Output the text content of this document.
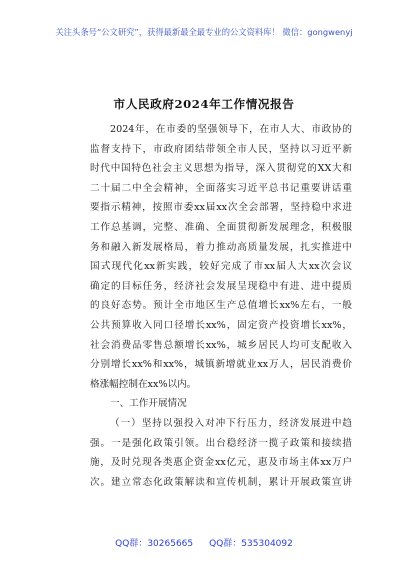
关注头条号“公文研究”，获得最新最全最专业的公文资料库！ 微信：gongwenyj
市人民政府2024年工作情况报告
2024年，在市委的坚强领导下，在市人大、市政协的
监督支持下，市政府团结带领全市人民，坚持以习近平新
时代中国特色社会主义思想为指导，深入贯彻党的XX大和
二十届二中全会精神，全面落实习近平总书记重要讲话重
要指示精神，按照市委xx届xx次全会部署，坚持稳中求进
工作总基调，完整、准确、全面贯彻新发展理念，积极服
务和融入新发展格局，着力推动高质量发展，扎实推进中
国式现代化xx新实践，较好完成了市xx届人大xx次会议
确定的目标任务，经济社会发展呈现稳中有进、进中提质
的良好态势。预计全市地区生产总值增长xx%左右，一般
公共预算收入同口径增长xx%，固定资产投资增长xx%，
社会消费品零售总额增长xx%，城乡居民人均可支配收入
分别增长xx%和xx%，城镇新增就业xx万人，居民消费价
格涨幅控制在xx%以内。
一、工作开展情况
（一）坚持以强投入对冲下行压力，经济发展进中趋
强。一是强化政策引领。出台稳经济一揽子政策和接续措
施，及时兑现各类惠企资金xx亿元，惠及市场主体xx万户
次。建立常态化政策解读和宣传机制，累计开展政策宣讲
QQ群：30265665 QQ群：535304092
